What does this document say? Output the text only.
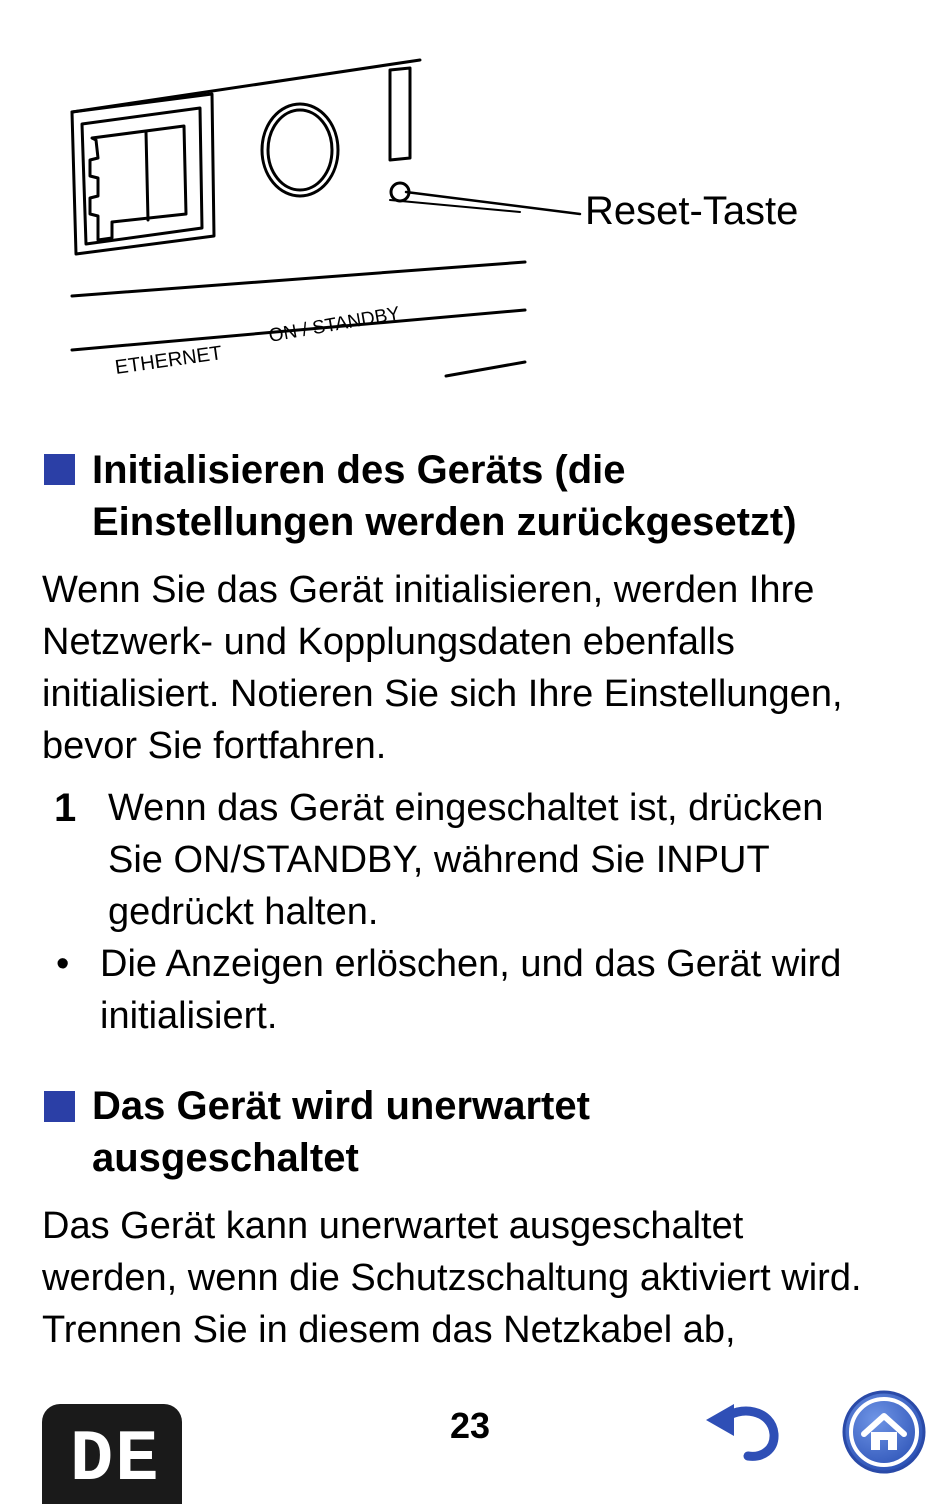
ETHERNET
ON / STANDBY
Reset-Taste
Initialisieren des Geräts (die
Einstellungen werden zurückgesetzt)
Wenn Sie das Gerät initialisieren, werden Ihre
Netzwerk- und Kopplungsdaten ebenfalls
initialisiert. Notieren Sie sich Ihre Einstellungen,
bevor Sie fortfahren.
1 Wenn das Gerät eingeschaltet ist, drücken
Sie ON/STANDBY, während Sie INPUT
gedrückt halten.
• Die Anzeigen erlöschen, und das Gerät wird
initialisiert.
Das Gerät wird unerwartet
ausgeschaltet
Das Gerät kann unerwartet ausgeschaltet
werden, wenn die Schutzschaltung aktiviert wird.
Trennen Sie in diesem das Netzkabel ab,
DE	23
